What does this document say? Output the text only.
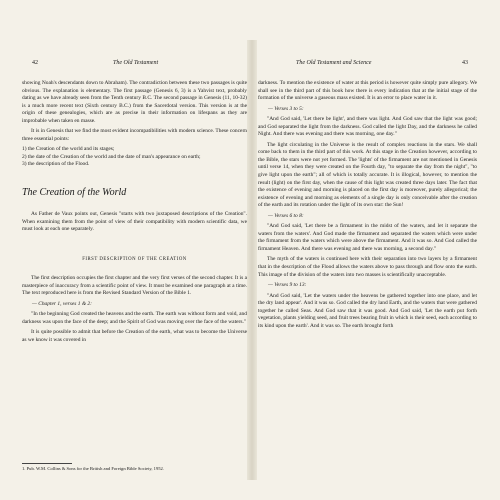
42	The Old Testament

showing Noah's descendants down to Abraham). The contradiction between these two passages is quite obvious. The explanation is elementary. The first passage (Genesis 6, 3) is a Yahvist text, probably dating as we have already seen from the Tenth century B.C. The second passage in Genesis (11, 10-32) is a much more recent text (Sixth century B.C.) from the Sacerdotal version. This version is at the origin of these genealogies, which are as precise in their information on lifespans as they are improbable when taken en masse.

It is in Genesis that we find the most evident incompatibilities with modern science. These concern three essential points:

1) the Creation of the world and its stages;
2) the date of the Creation of the world and the date of man's appearance on earth;
3) the description of the Flood.
The Creation of the World

As Father de Vaux points out, Genesis "starts with two juxtaposed descriptions of the Creation". When examining them from the point of view of their compatibility with modern scientific data, we must look at each one separately.

FIRST DESCRIPTION OF THE CREATION

The first description occupies the first chapter and the very first verses of the second chapter. It is a masterpiece of inaccuracy from a scientific point of view. It must be examined one paragraph at a time. The text reproduced here is from the Revised Standard Version of the Bible 1.

— Chapter 1, verses 1 & 2:

"In the beginning God created the heavens and the earth. The earth was without form and void, and darkness was upon the face of the deep; and the Spirit of God was moving over the face of the waters."

It is quite possible to admit that before the Creation of the earth, what was to become the Universe as we know it was covered in

1. Pub. W.M. Collins & Sons for the British and Foreign Bible Society, 1952.
The Old Testament and Science	43

darkness. To mention the existence of water at this period is however quite simply pure allegory. We shall see in the third part of this book how there is every indication that at the initial stage of the formation of the universe a gaseous mass existed. It is an error to place water in it.

— Verses 3 to 5:

"And God said, 'Let there be light', and there was light. And God saw that the light was good; and God separated the light from the darkness. God called the light Day, and the darkness he called Night. And there was evening and there was morning, one day."

The light circulating in the Universe is the result of complex reactions in the stars. We shall come back to them in the third part of this work. At this stage in the Creation however, according to the Bible, the stars were not yet formed. The 'lights' of the firmament are not mentioned in Genesis until verse 14, when they were created on the Fourth day, "to separate the day from the night", "to give light upon the earth"; all of which is totally accurate. It is illogical, however, to mention the result (light) on the first day, when the cause of this light was created three days later. The fact that the existence of evening and morning is placed on the first day is moreover, purely allegorical; the existence of evening and morning as elements of a single day is only conceivable after the creation of the earth and its rotation under the light of its own star: the Sun!

— Verses 6 to 8:

"And God said, 'Let there be a firmament in the midst of the waters, and let it separate the waters from the waters'. And God made the firmament and separated the waters which were under the firmament from the waters which were above the firmament. And it was so. And God called the firmament Heaven. And there was evening and there was morning, a second day."

The myth of the waters is continued here with their separation into two layers by a firmament that in the description of the Flood allows the waters above to pass through and flow onto the earth. This image of the division of the waters into two masses is scientifically unacceptable.

— Verses 9 to 13:

"And God said, 'Let the waters under the heavens be gathered together into one place, and let the dry land appear'. And it was so. God called the dry land Earth, and the waters that were gathered together he called Seas. And God saw that it was good. And God said, 'Let the earth put forth vegetation, plants yielding seed, and fruit trees bearing fruit in which is their seed, each according to its kind upon the earth'. And it was so. The earth brought forth
